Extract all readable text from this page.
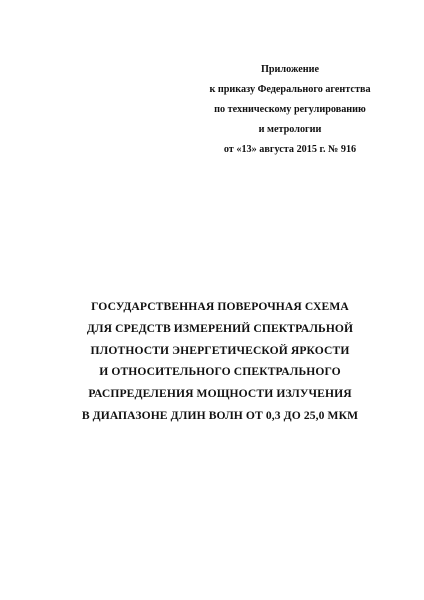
Приложение
к приказу Федерального агентства
по техническому регулированию
и метрологии
от «13» августа 2015 г. № 916
ГОСУДАРСТВЕННАЯ ПОВЕРОЧНАЯ СХЕМА
ДЛЯ СРЕДСТВ ИЗМЕРЕНИЙ СПЕКТРАЛЬНОЙ
ПЛОТНОСТИ ЭНЕРГЕТИЧЕСКОЙ ЯРКОСТИ
И ОТНОСИТЕЛЬНОГО СПЕКТРАЛЬНОГО
РАСПРЕДЕЛЕНИЯ МОЩНОСТИ ИЗЛУЧЕНИЯ
В ДИАПАЗОНЕ ДЛИН ВОЛН ОТ 0,3 ДО 25,0 МКМ
